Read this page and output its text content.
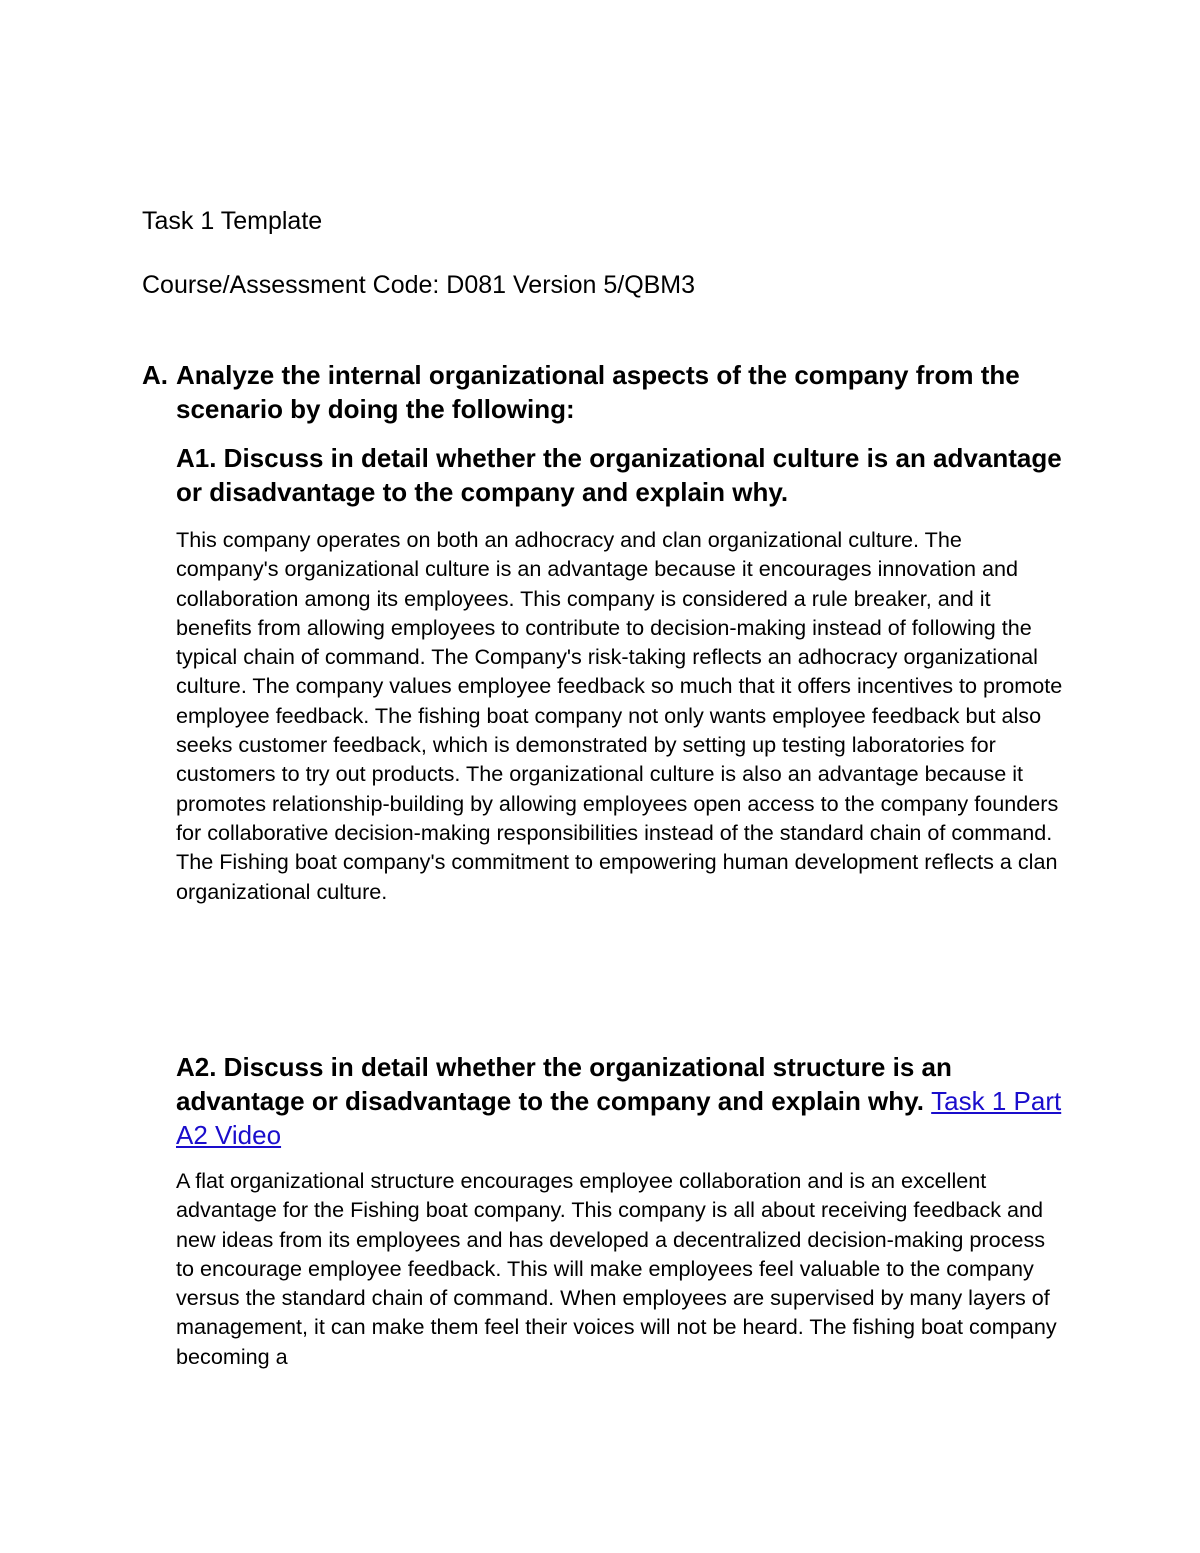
Task 1 Template

Course/Assessment Code: D081 Version 5/QBM3

A. Analyze the internal organizational aspects of the company from the scenario by doing the following:
A1. Discuss in detail whether the organizational culture is an advantage or disadvantage to the company and explain why.

This company operates on both an adhocracy and clan organizational culture. The company's organizational culture is an advantage because it encourages innovation and collaboration among its employees. This company is considered a rule breaker, and it benefits from allowing employees to contribute to decision-making instead of following the typical chain of command. The Company's risk-taking reflects an adhocracy organizational culture. The company values employee feedback so much that it offers incentives to promote employee feedback. The fishing boat company not only wants employee feedback but also seeks customer feedback, which is demonstrated by setting up testing laboratories for customers to try out products. The organizational culture is also an advantage because it promotes relationship-building by allowing employees open access to the company founders for collaborative decision-making responsibilities instead of the standard chain of command. The Fishing boat company's commitment to empowering human development reflects a clan organizational culture.

A2. Discuss in detail whether the organizational structure is an advantage or disadvantage to the company and explain why. Task 1 Part A2 Video

A flat organizational structure encourages employee collaboration and is an excellent advantage for the Fishing boat company. This company is all about receiving feedback and new ideas from its employees and has developed a decentralized decision-making process to encourage employee feedback. This will make employees feel valuable to the company versus the standard chain of command. When employees are supervised by many layers of management, it can make them feel their voices will not be heard. The fishing boat company becoming a
